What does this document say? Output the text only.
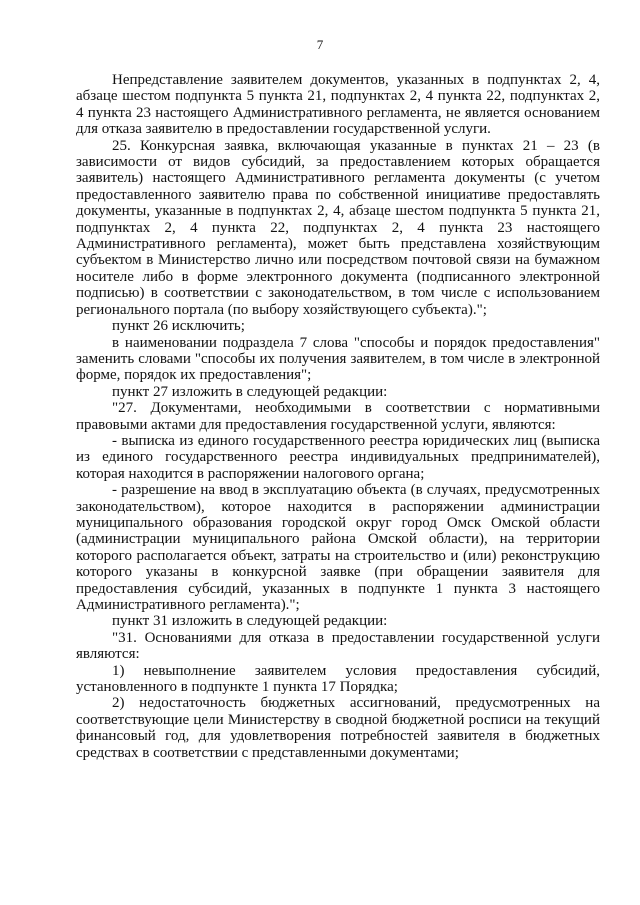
7

Непредставление заявителем документов, указанных в подпунктах 2, 4, абзаце шестом подпункта 5 пункта 21, подпунктах 2, 4 пункта 22, подпунктах 2, 4 пункта 23 настоящего Административного регламента, не является основанием для отказа заявителю в предоставлении государственной услуги.

25. Конкурсная заявка, включающая указанные в пунктах 21 – 23 (в зависимости от видов субсидий, за предоставлением которых обращается заявитель) настоящего Административного регламента документы (с учетом предоставленного заявителю права по собственной инициативе предоставлять документы, указанные в подпунктах 2, 4, абзаце шестом подпункта 5 пункта 21, подпунктах 2, 4 пункта 22, подпунктах 2, 4 пункта 23 настоящего Административного регламента), может быть представлена хозяйствующим субъектом в Министерство лично или посредством почтовой связи на бумажном носителе либо в форме электронного документа (подписанного электронной подписью) в соответствии с законодательством, в том числе с использованием регионального портала (по выбору хозяйствующего субъекта).";

пункт 26 исключить;

в наименовании подраздела 7 слова "способы и порядок предоставления" заменить словами "способы их получения заявителем, в том числе в электронной форме, порядок их предоставления";

пункт 27 изложить в следующей редакции:

"27. Документами, необходимыми в соответствии с нормативными правовыми актами для предоставления государственной услуги, являются:

- выписка из единого государственного реестра юридических лиц (выписка из единого государственного реестра индивидуальных предпринимателей), которая находится в распоряжении налогового органа;

- разрешение на ввод в эксплуатацию объекта (в случаях, предусмотренных законодательством), которое находится в распоряжении администрации муниципального образования городской округ город Омск Омской области (администрации муниципального района Омской области), на территории которого располагается объект, затраты на строительство и (или) реконструкцию которого указаны в конкурсной заявке (при обращении заявителя для предоставления субсидий, указанных в подпункте 1 пункта 3 настоящего Административного регламента).";

пункт 31 изложить в следующей редакции:

"31. Основаниями для отказа в предоставлении государственной услуги являются:

1) невыполнение заявителем условия предоставления субсидий, установленного в подпункте 1 пункта 17 Порядка;

2) недостаточность бюджетных ассигнований, предусмотренных на соответствующие цели Министерству в сводной бюджетной росписи на текущий финансовый год, для удовлетворения потребностей заявителя в бюджетных средствах в соответствии с представленными документами;
